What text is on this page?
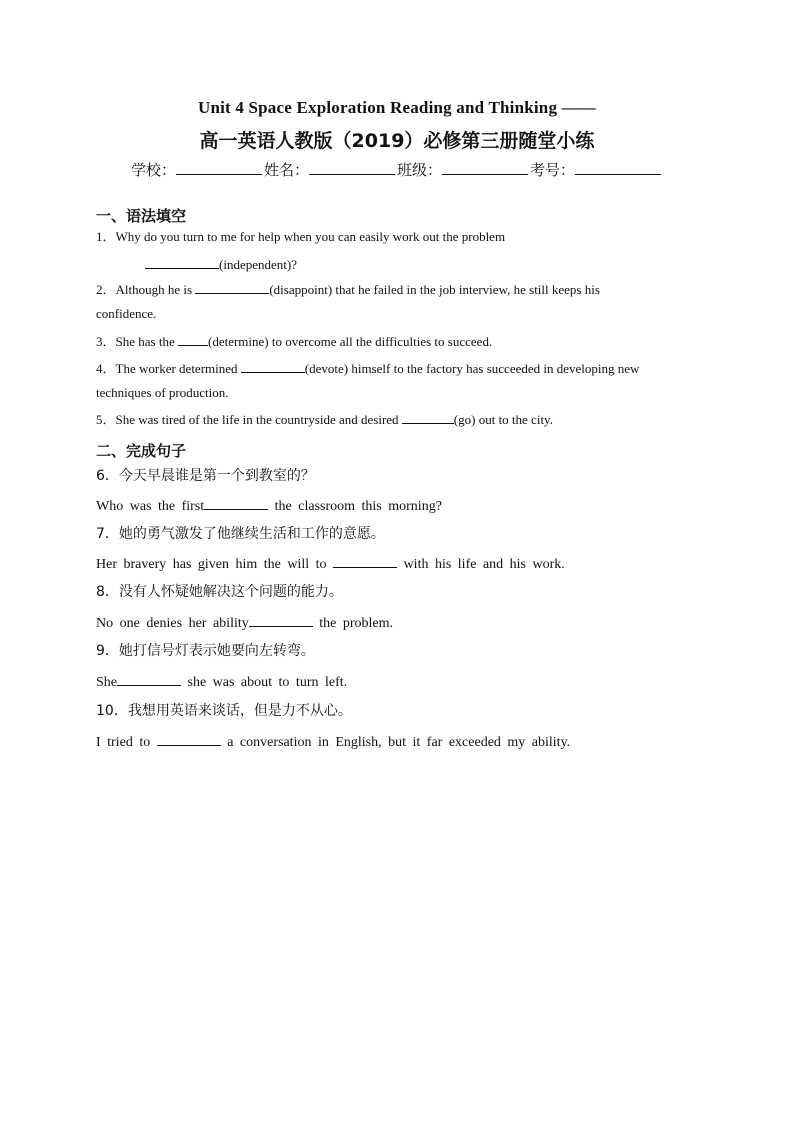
Unit 4 Space Exploration Reading and Thinking ——
高一英语人教版（2019）必修第三册随堂小练
学校：	姓名：	班级：	考号：
一、语法填空
1．Why do you turn to me for help when you can easily work out the problem
(independent)?
2．Although he is	(disappoint) that he failed in the job interview, he still keeps his
confidence.
3．She has the (determine) to overcome all the difficulties to succeed.
4．The worker determined	(devote) himself to the factory has succeeded in developing new
techniques of production.
5．She was tired of the life in the countryside and desired	(go) out to the city.
二、完成句子
6．今天早晨谁是第一个到教室的？
Who was the first	the classroom this morning?
7．她的勇气激发了他继续生活和工作的意愿。
Her bravery has given him the will to	with his life and his work.
8．没有人怀疑她解决这个问题的能力。
No one denies her ability	the problem.
9．她打信号灯表示她要向左转弯。
She	she was about to turn left.
10．我想用英语来谈话，但是力不从心。
I tried to	a conversation in English, but it far exceeded my ability.
